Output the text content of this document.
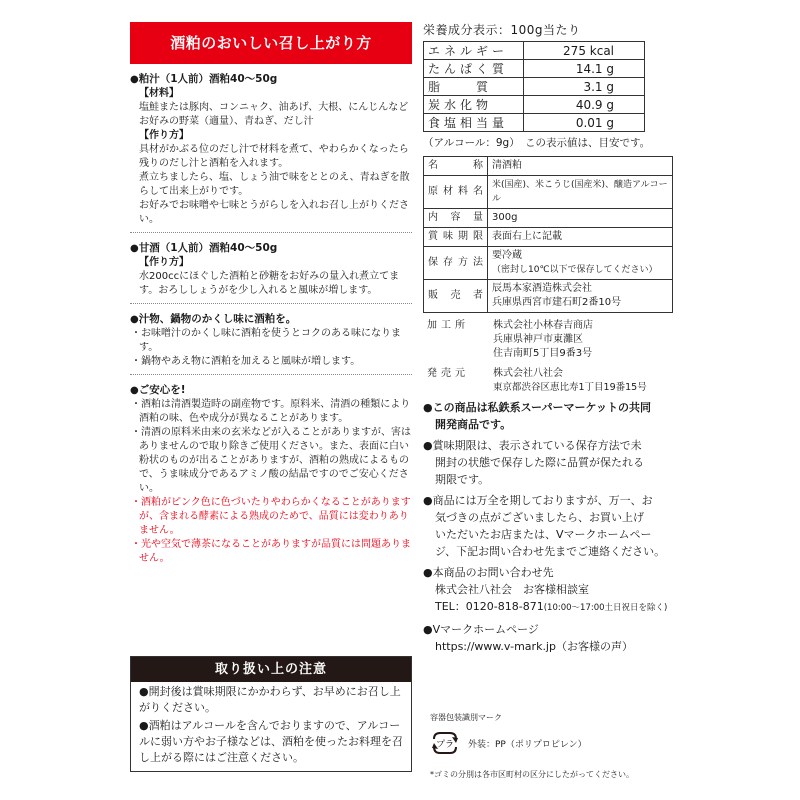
酒粕のおいしい召し上がり方
●粕汁（1人前）酒粕40～50g
【材料】
塩鮭または豚肉、コンニャク、油あげ、大根、にんじんなどお好みの野菜（適量）、青ねぎ、だし汁
【作り方】
具材がかぶる位のだし汁で材料を煮て、やわらかくなったら残りのだし汁と酒粕を入れます。
煮立ちましたら、塩、しょう油で味をととのえ、青ねぎを散らして出来上がりです。
お好みでお味噌や七味とうがらしを入れお召し上がりください。
●甘酒（1人前）酒粕40～50g
【作り方】
水200ccにほぐした酒粕と砂糖をお好みの量入れ煮立てます。おろししょうがを少し入れると風味が増します。
●汁物、鍋物のかくし味に酒粕を。
・お味噌汁のかくし味に酒粕を使うとコクのある味になります。
・鍋物やあえ物に酒粕を加えると風味が増します。
●ご安心を!
・酒粕は清酒製造時の副産物です。原料米、清酒の種類により酒粕の味、色や成分が異なることがあります。
・清酒の原料米由来の玄米などが入ることがありますが、害はありませんので取り除きご使用ください。また、表面に白い粉状のものが出ることがありますが、酒粕の熟成によるもので、うま味成分であるアミノ酸の結晶ですのでご安心ください。
・酒粕がピンク色に色づいたりやわらかくなることがありますが、含まれる酵素による熟成のためで、品質には変わりありません。
・光や空気で薄茶になることがありますが品質には問題ありません。
栄養成分表示：100g当たり
エネルギー	275 kcal
たんぱく質	14.1 g
脂　　質	3.1 g
炭水化物	40.9 g
食塩相当量	0.01 g
（アルコール：9g）　この表示値は、目安です。
名　称	清酒粕
原材料名	米(国産)、米こうじ(国産米)、醸造アルコール
内容量	300g
賞味期限	表面右上に記載
保存方法	要冷蔵
（密封し10℃以下で保存してください）

販売者	辰馬本家酒造株式会社
兵庫県西宮市建石町2番10号
加工所	株式会社小林春吉商店
兵庫県神戸市東灘区
住吉南町5丁目9番3号
発売元	株式会社八社会
東京都渋谷区恵比寿1丁目19番15号
●この商品は私鉄系スーパーマーケットの共同
開発商品です。
●賞味期限は、表示されている保存方法で未
開封の状態で保存した際に品質が保たれる
期限です。
●商品には万全を期しておりますが、万一、お
気づきの点がございましたら、お買い上げ
いただいたお店または、Vマークホームペー
ジ、下記お問い合わせ先までご連絡ください。
●本商品のお問い合わせ先
株式会社八社会　お客様相談室
TEL：0120-818-871(10:00～17:00土日祝日を除く)
●Vマークホームページ
https://www.v-mark.jp（お客様の声）
取り扱い上の注意
●開封後は賞味期限にかかわらず、お早めにお召し上がりください。
●酒粕はアルコールを含んでおりますので、アルコールに弱い方やお子様などは、酒粕を使ったお料理を召し上がる際にはご注意ください。
容器包装識別マーク
プラ 外装：PP（ポリプロピレン）
*ゴミの分別は各市区町村の区分にしたがってください。
